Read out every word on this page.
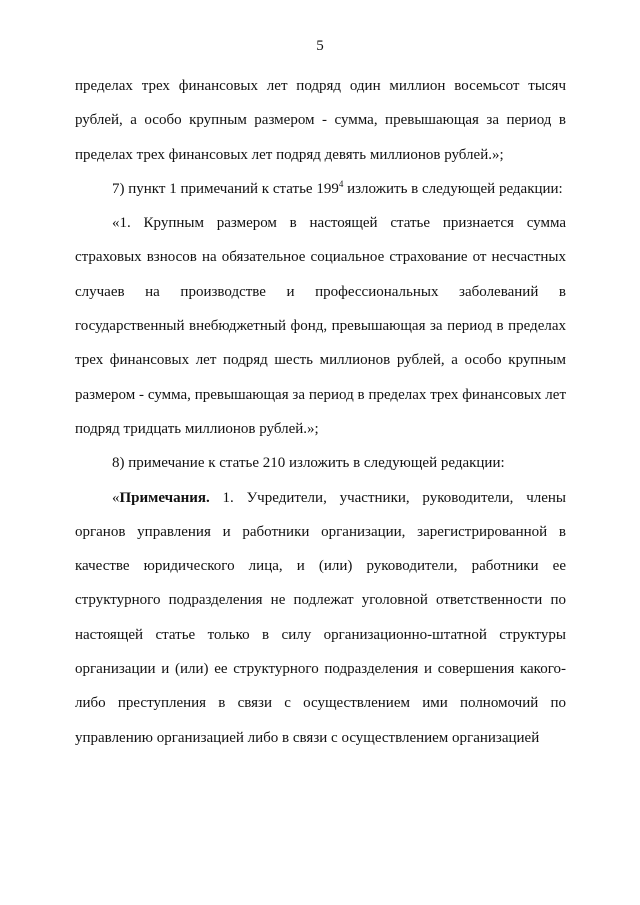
5

пределах трех финансовых лет подряд один миллион восемьсот тысяч рублей, а особо крупным размером - сумма, превышающая за период в пределах трех финансовых лет подряд девять миллионов рублей.»;

7) пункт 1 примечаний к статье $199^4$ изложить в следующей редакции:

«1. Крупным размером в настоящей статье признается сумма страховых взносов на обязательное социальное страхование от несчастных случаев на производстве и профессиональных заболеваний в государственный внебюджетный фонд, превышающая за период в пределах трех финансовых лет подряд шесть миллионов рублей, а особо крупным размером - сумма, превышающая за период в пределах трех финансовых лет подряд тридцать миллионов рублей.»;

8) примечание к статье 210 изложить в следующей редакции:

«Примечания. 1. Учредители, участники, руководители, члены органов управления и работники организации, зарегистрированной в качестве юридического лица, и (или) руководители, работники ее структурного подразделения не подлежат уголовной ответственности по настоящей статье только в силу организационно-штатной структуры организации и (или) ее структурного подразделения и совершения какого-либо преступления в связи с осуществлением ими полномочий по управлению организацией либо в связи с осуществлением организацией
